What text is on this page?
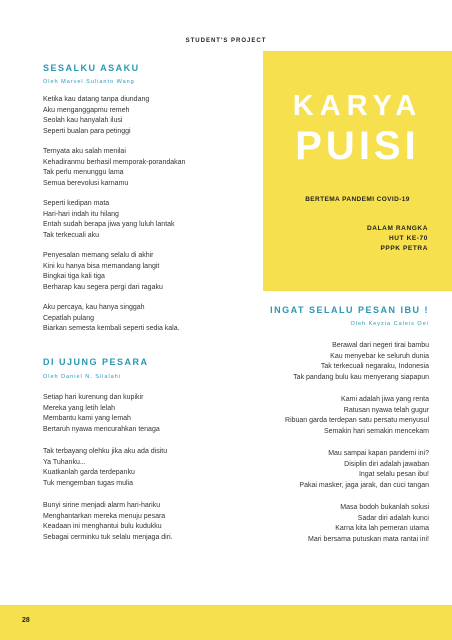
STUDENT'S PROJECT
KARYA
PUISI
BERTEMA PANDEMI COVID-19
DALAM RANGKA
HUT KE-70
PPPK PETRA
SESALKU ASAKU
Oleh Marvel Sulianto Wang
Ketika kau datang tanpa diundang
Aku menganggapmu remeh
Seolah kau hanyalah ilusi
Seperti bualan para petinggi
Ternyata aku salah menilai
Kehadiranmu berhasil memporak-porandakan
Tak perlu menunggu lama
Semua berevolusi karnamu
Seperti kedipan mata
Hari-hari indah itu hilang
Entah sudah berapa jiwa yang luluh lantak
Tak terkecuali aku
Penyesalan memang selalu di akhir
Kini ku hanya bisa memandang langit
Bingkai tiga kali tiga
Berharap kau segera pergi dari ragaku
Aku percaya, kau hanya singgah
Cepatlah pulang
Biarkan semesta kembali seperti sedia kala.
INGAT SELALU PESAN IBU !
Oleh Keyzia Caleis Oei
Berawal dari negeri tirai bambu
Kau menyebar ke seluruh dunia
Tak terkecuali negaraku, Indonesia
Tak pandang bulu kau menyerang siapapun
Kami adalah jiwa yang renta
Ratusan nyawa telah gugur
Ribuan garda terdepan satu persatu menyusul
Semakin hari semakin mencekam
Mau sampai kapan pandemi ini?
Disiplin diri adalah jawaban
Ingat selalu pesan ibu!
Pakai masker, jaga jarak, dan cuci tangan
Masa bodoh bukanlah solusi
Sadar diri adalah kunci
Karna kita lah pemeran utama
Mari bersama putuskan mata rantai ini!
DI UJUNG PESARA
Oleh Daniel N. Silalahi
Setiap hari kurenung dan kupikir
Mereka yang letih lelah
Membantu kami yang lemah
Bertaruh nyawa mencurahkan tenaga
Tak terbayang olehku jika aku ada disitu
Ya Tuhanku...
Kuatkanlah garda terdepanku
Tuk mengemban tugas mulia
Bunyi sirine menjadi alarm hari-hariku
Menghantarkan mereka menuju pesara
Keadaan ini menghantui bulu kudukku
Sebagai cerminku tuk selalu menjaga diri.
28
